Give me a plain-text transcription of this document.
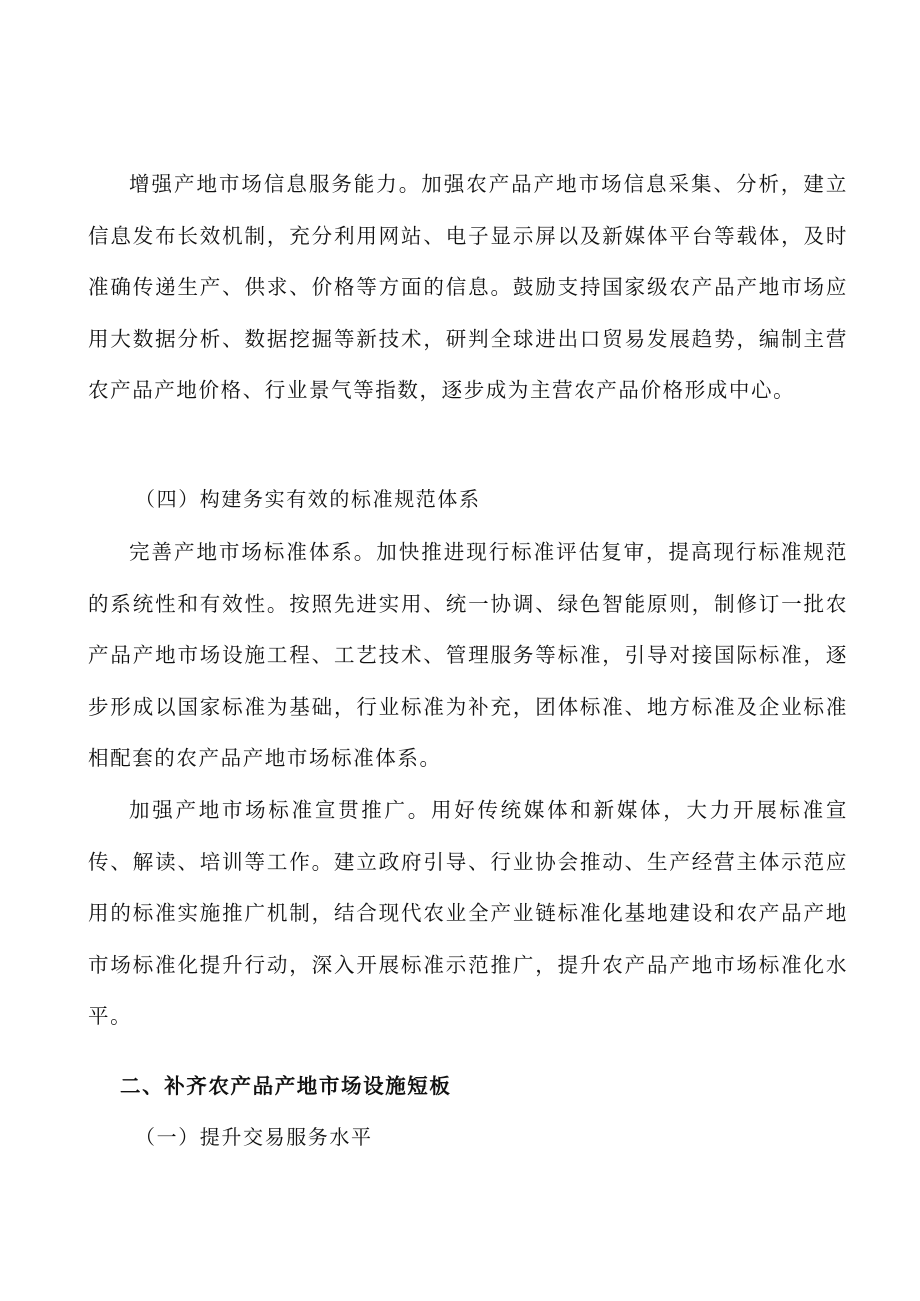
增强产地市场信息服务能力。加强农产品产地市场信息采集、分析，建立信息发布长效机制，充分利用网站、电子显示屏以及新媒体平台等载体，及时准确传递生产、供求、价格等方面的信息。鼓励支持国家级农产品产地市场应用大数据分析、数据挖掘等新技术，研判全球进出口贸易发展趋势，编制主营农产品产地价格、行业景气等指数，逐步成为主营农产品价格形成中心。

（四）构建务实有效的标准规范体系

完善产地市场标准体系。加快推进现行标准评估复审，提高现行标准规范的系统性和有效性。按照先进实用、统一协调、绿色智能原则，制修订一批农产品产地市场设施工程、工艺技术、管理服务等标准，引导对接国际标准，逐步形成以国家标准为基础，行业标准为补充，团体标准、地方标准及企业标准相配套的农产品产地市场标准体系。

加强产地市场标准宣贯推广。用好传统媒体和新媒体，大力开展标准宣传、解读、培训等工作。建立政府引导、行业协会推动、生产经营主体示范应用的标准实施推广机制，结合现代农业全产业链标准化基地建设和农产品产地市场标准化提升行动，深入开展标准示范推广，提升农产品产地市场标准化水平。

二、补齐农产品产地市场设施短板

（一）提升交易服务水平
